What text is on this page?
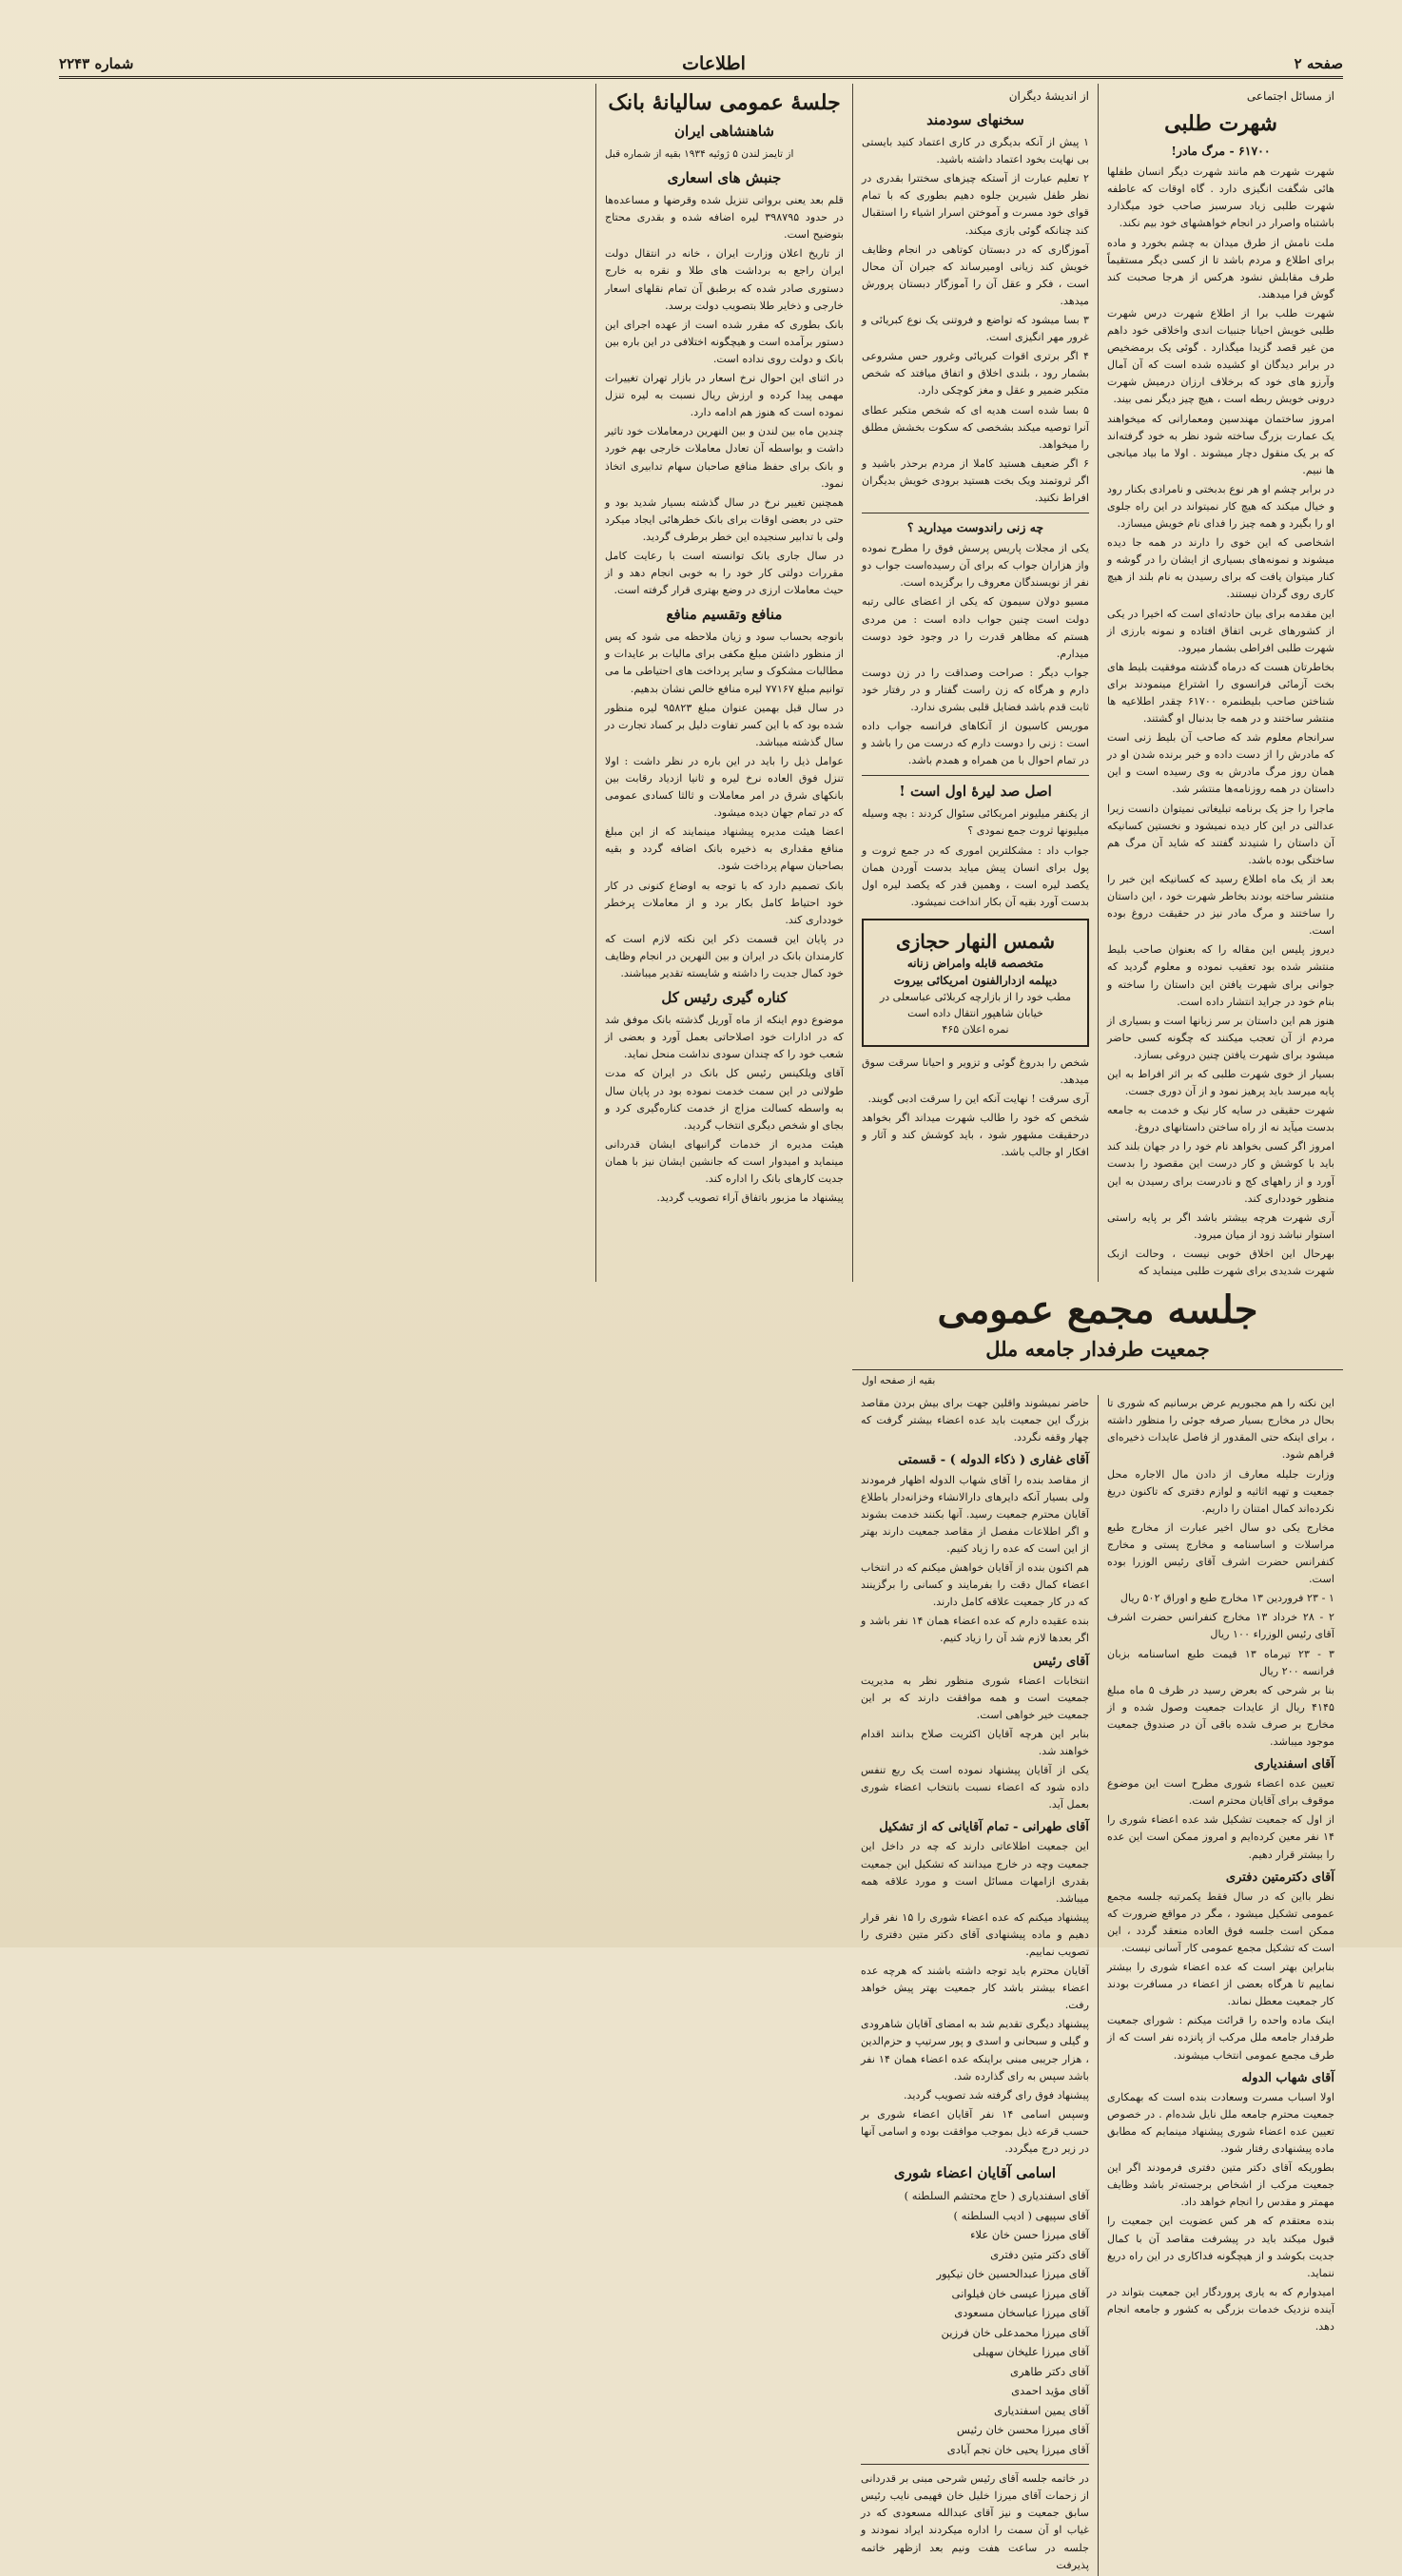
صفحه ۲
اطلاعات
شماره ۲۲۴۳
از مسائل اجتماعی
شهرت طلبی
۶۱۷۰۰ - مرگ مادر!

شهرت شهرت هم مانند شهرت دیگر انسان طفلها هائی شگفت انگیزی دارد . گاه اوقات که عاطفه شهرت طلبی زیاد سرسبز صاحب خود میگذارد باشتباه واصرار در انجام خواهشهای خود بیم نکند.

ملت نامش از طرق میدان به چشم بخورد و ماده برای اطلاع و مردم باشد تا از کسی دیگر مستقیماً طرف مقابلش نشود هرکس از هرجا صحبت کند گوش فرا میدهند.

شهرت طلب برا از اطلاع شهرت درس شهرت طلبی خویش احیانا جنبیات اندی واخلاقی خود داهم من غیر قصد گزیدا میگذارد . گوئی یک برمضخیص در برابر دیدگان او کشیده شده است که آن آمال وآرزو های خود که برخلاف ارزان درمیش شهرت درونی خویش ربطه است ، هیچ چیز دیگر نمی بیند.

امروز ساختمان مهندسین ومعمارانی که میخواهند یک عمارت بزرگ ساخته شود نظر به خود گرفته‌اند که بر یک منقول دچار میشوند . اولا ما بیاد میانجی ها نبیم.

در برابر چشم او هر نوع بدبختی و نامرادی بکنار رود و خیال میکند که هیچ کار نمیتواند در این راه جلوی او را بگیرد و همه چیز را فدای نام خویش میسازد.

اشخاصی که این خوی را دارند در همه جا دیده میشوند و نمونه‌های بسیاری از ایشان را در گوشه و کنار میتوان یافت که برای رسیدن به نام بلند از هیچ کاری روی گردان نیستند.

این مقدمه برای بیان حادثه‌ای است که اخیرا در یکی از کشورهای غربی اتفاق افتاده و نمونه بارزی از شهرت طلبی افراطی بشمار میرود.

بخاطرتان هست که درماه گذشته موفقیت بلیط های بخت آزمائی فرانسوی را اشتراع مینمودند برای شناختن صاحب بلیطنمره ۶۱۷۰۰ چقدر اطلاعیه ها منتشر ساختند و در همه جا بدنبال او گشتند.

سرانجام معلوم شد که صاحب آن بلیط زنی است که مادرش را از دست داده و خبر برنده شدن او در همان روز مرگ مادرش به وی رسیده است و این داستان در همه روزنامه‌ها منتشر شد.

ماجرا را جز یک برنامه تبلیغاتی نمیتوان دانست زیرا عدالتی در این کار دیده نمیشود و نخستین کسانیکه آن داستان را شنیدند گفتند که شاید آن مرگ هم ساختگی بوده باشد.

بعد از یک ماه اطلاع رسید که کسانیکه این خبر را منتشر ساخته بودند بخاطر شهرت خود ، این داستان را ساختند و مرگ مادر نیز در حقیقت دروغ بوده است.

دیروز پلیس این مقاله را که بعنوان صاحب بلیط منتشر شده بود تعقیب نموده و معلوم گردید که جوانی برای شهرت یافتن این داستان را ساخته و بنام خود در جراید انتشار داده است.

هنوز هم این داستان بر سر زبانها است و بسیاری از مردم از آن تعجب میکنند که چگونه کسی حاضر میشود برای شهرت یافتن چنین دروغی بسازد.

بسیار از خوی شهرت طلبی که بر اثر افراط به این پایه میرسد باید پرهیز نمود و از آن دوری جست.

شهرت حقیقی در سایه کار نیک و خدمت به جامعه بدست میآید نه از راه ساختن داستانهای دروغ.

امروز اگر کسی بخواهد نام خود را در جهان بلند کند باید با کوشش و کار درست این مقصود را بدست آورد و از راههای کج و نادرست برای رسیدن به این منظور خودداری کند.

آری شهرت هرچه بیشتر باشد اگر بر پایه راستی استوار نباشد زود از میان میرود.

بهرحال این اخلاق خوبی نیست ، وحالت ازبک شهرت شدیدی برای شهرت طلبی مینماید که

از اندیشهٔ دیگران
سخنهای سودمند

۱ پیش از آنکه بدیگری در کاری اعتماد کنید بایستی بی نهایت بخود اعتماد داشته باشید.

۲ تعلیم عبارت از آستکه چیزهای سختترا بقدری در نظر طفل شیرین جلوه دهیم بطوری که با تمام قوای خود مسرت و آموختن اسرار اشیاء را استقبال کند چنانکه گوئی بازی میکند.

آموزگاری که در دبستان کوتاهی در انجام وظایف خویش کند زیانی اومیرساند که جبران آن محال است ، فکر و عقل آن را آموزگار دبستان پرورش میدهد.

۳ بسا میشود که تواضع و فروتنی یک نوع کبریائی و غرور مهر انگیزی است.

۴ اگر برتری اقوات کبریائی وغرور حس مشروعی بشمار رود ، بلندی اخلاق و اتفاق میافتد که شخص متکبر ضمیر و عقل و مغز کوچکی دارد.

۵ بسا شده است هدیه ای که شخص متکبر عطای آنرا توصیه میکند بشخصی که سکوت بخشش مطلق را میخواهد.

۶ اگر ضعیف هستید کاملا از مردم برحذر باشید و اگر ثروتمند ویک بخت هستید برودی خویش بدیگران افراط نکنید.

چه زنی راندوست میدارید ؟

یکی از مجلات پاریس پرسش فوق را مطرح نموده واز هزاران جواب که برای آن رسیده‌است جواب دو نفر از نویسندگان معروف را برگزیده است.

مسیو دولان سیمون که یکی از اعضای عالی رتبه دولت است چنین جواب داده است : من مردی هستم که مظاهر قدرت را در وجود خود دوست میدارم.

جواب دیگر : صراحت وصداقت را در زن دوست دارم و هرگاه که زن راست گفتار و در رفتار خود ثابت قدم باشد فضایل قلبی بشری ندارد.

موریس کاسیون از آنکاهای فرانسه جواب داده است : زنی را دوست دارم که درست من را باشد و در تمام احوال با من همراه و همدم باشد.

اصل صد لیرهٔ اول است !

از یکنفر میلیونر امریکائی سئوال کردند : بچه وسیله میلیونها ثروت جمع نمودی ؟

جواب داد : مشکلترین اموری که در جمع ثروت و پول برای انسان پیش میاید بدست آوردن همان یکصد لیره است ، وهمین قدر که یکصد لیره اول بدست آورد بقیه آن بکار انداخت نمیشود.

شمس النهار حجازی
متخصصه قابله وامراض زنانه
دیپلمه ازدارالفنون امریکائی بیروت
مطب خود را از بازارچه کربلائی عباسعلی در خیابان شاهپور انتقال داده است
نمره اعلان ۴۶۵

شخص را بدروغ گوئی و تزویر و احیانا سرقت سوق میدهد.

آری سرقت ! نهایت آنکه این را سرقت ادبی گویند.

شخص که خود را طالب شهرت میداند اگر بخواهد درحقیقت مشهور شود ، باید کوشش کند و آثار و افکار او جالب باشد.

جلسهٔ عمومی سالیانهٔ بانک
شاهنشاهی ایران
از تایمز لندن ۵ ژوئیه ۱۹۳۴ بقیه از شماره قبل
جنبش های اسعاری

قلم بعد یعنی برواتی تنزیل شده وقرضها و مساعده‌ها در حدود ۳۹۸۷۹۵ لیره اضافه شده و بقدری محتاج بتوضیح است.

از تاریخ اعلان وزارت ایران ، خانه در انتقال دولت ایران راجع به برداشت های طلا و نقره به خارج دستوری صادر شده که برطبق آن تمام نقلهای اسعار خارجی و ذخایر طلا بتصویب دولت برسد.

بانک بطوری که مقرر شده است از عهده اجرای این دستور برآمده است و هیچگونه اختلافی در این باره بین بانک و دولت روی نداده است.

در اثنای این احوال نرخ اسعار در بازار تهران تغییرات مهمی پیدا کرده و ارزش ریال نسبت به لیره تنزل نموده است که هنوز هم ادامه دارد.

چندین ماه بین لندن و بین النهرین درمعاملات خود تاثیر داشت و بواسطه آن تعادل معاملات خارجی بهم خورد و بانک برای حفظ منافع صاحبان سهام تدابیری اتخاذ نمود.

همچنین تغییر نرخ در سال گذشته بسیار شدید بود و حتی در بعضی اوقات برای بانک خطرهائی ایجاد میکرد ولی با تدابیر سنجیده این خطر برطرف گردید.

در سال جاری بانک توانسته است با رعایت کامل مقررات دولتی کار خود را به خوبی انجام دهد و از حیث معاملات ارزی در وضع بهتری قرار گرفته است.

منافع وتقسیم منافع

بانوجه بحساب سود و زیان ملاحظه می شود که پس از منظور داشتن مبلغ مکفی برای مالیات بر عایدات و مطالبات مشکوک و سایر پرداخت های احتیاطی ما می توانیم مبلغ ۷۷۱۶۷ لیره منافع خالص نشان بدهیم.

در سال قبل بهمین عنوان مبلغ ۹۵۸۲۳ لیره منظور شده بود که با این کسر تفاوت دلیل بر کساد تجارت در سال گذشته میباشد.

عوامل ذیل را باید در این باره در نظر داشت : اولا تنزل فوق العاده نرخ لیره و ثانیا ازدیاد رقابت بین بانکهای شرق در امر معاملات و ثالثا کسادی عمومی که در تمام جهان دیده میشود.

اعضا هیئت مدیره پیشنهاد مینمایند که از این مبلغ منافع مقداری به ذخیره بانک اضافه گردد و بقیه بصاحبان سهام پرداخت شود.

بانک تصمیم دارد که با توجه به اوضاع کنونی در کار خود احتیاط کامل بکار برد و از معاملات پرخطر خودداری کند.

در پایان این قسمت ذکر این نکته لازم است که کارمندان بانک در ایران و بین النهرین در انجام وظایف خود کمال جدیت را داشته و شایسته تقدیر میباشند.

کناره گیری رئیس کل

موضوع دوم اینکه از ماه آوریل گذشته بانک موفق شد که در ادارات خود اصلاحاتی بعمل آورد و بعضی از شعب خود را که چندان سودی نداشت منحل نماید.

آقای ویلکینس رئیس کل بانک در ایران که مدت طولانی در این سمت خدمت نموده بود در پایان سال به واسطه کسالت مزاج از خدمت کناره‌گیری کرد و بجای او شخص دیگری انتخاب گردید.

هیئت مدیره از خدمات گرانبهای ایشان قدردانی مینماید و امیدوار است که جانشین ایشان نیز با همان جدیت کارهای بانک را اداره کند.

پیشنهاد ما مزبور باتفاق آراء تصویب گردید.

جلسه مجمع عمومی
جمعیت طرفدار جامعه ملل
بقیه از صفحه اول

این نکته را هم مجبوریم عرض برسانیم که شوری تا بحال در مخارج بسیار صرفه جوئی را منظور داشته ، برای اینکه حتی المقدور از فاصل عایدات ذخیره‌ای فراهم شود.

وزارت جلیله معارف از دادن مال الاجاره محل جمعیت و تهیه اثاثیه و لوازم دفتری که تاکنون دریغ نکرده‌اند کمال امتنان را داریم.

مخارج یکی دو سال اخیر عبارت از مخارج طبع مراسلات و اساسنامه و مخارج پستی و مخارج کنفرانس حضرت اشرف آقای رئیس الوزرا بوده است.

۱ - ۲۳ فروردین ۱۳ مخارج طبع و اوراق ۵۰۲ ریال

۲ - ۲۸ خرداد ۱۳ مخارج کنفرانس حضرت اشرف آقای رئیس الوزراء ۱۰۰ ریال

۳ - ۲۳ تیرماه ۱۳ قیمت طبع اساسنامه بزبان فرانسه ۲۰۰ ریال

بنا بر شرحی که بعرض رسید در ظرف ۵ ماه مبلغ ۴۱۴۵ ریال از عایدات جمعیت وصول شده و از مخارج بر صرف شده باقی آن در صندوق جمعیت موجود میباشد.

آقای اسفندیاری

تعیین عده اعضاء شوری مطرح است این موضوع موقوف برای آقایان محترم است.

از اول که جمعیت تشکیل شد عده اعضاء شوری را ۱۴ نفر معین کرده‌ایم و امروز ممکن است این عده را بیشتر قرار دهیم.

آقای دکترمتین دفتری

نظر بااین که در سال فقط یکمرتبه جلسه مجمع عمومی تشکیل میشود ، مگر در مواقع ضرورت که ممکن است جلسه فوق العاده منعقد گردد ، این است که تشکیل مجمع عمومی کار آسانی نیست.

بنابراین بهتر است که عده اعضاء شوری را بیشتر نماییم تا هرگاه بعضی از اعضاء در مسافرت بودند کار جمعیت معطل نماند.

اینک ماده واحده را قرائت میکنم : شورای جمعیت طرفدار جامعه ملل مرکب از پانزده نفر است که از طرف مجمع عمومی انتخاب میشوند.

آقای شهاب الدوله

اولا اسباب مسرت وسعادت بنده است که بهمکاری جمعیت محترم جامعه ملل نایل شده‌ام . در خصوص تعیین عده اعضاء شوری پیشنهاد مینمایم که مطابق ماده پیشنهادی رفتار شود.

بطوریکه آقای دکتر متین دفتری فرمودند اگر این جمعیت مرکب از اشخاص برجسته‌تر باشد وظایف مهمتر و مقدس را انجام خواهد داد.

بنده معتقدم که هر کس عضویت این جمعیت را قبول میکند باید در پیشرفت مقاصد آن با کمال جدیت بکوشد و از هیچگونه فداکاری در این راه دریغ ننماید.

امیدوارم که به یاری پروردگار این جمعیت بتواند در آینده نزدیک خدمات بزرگی به کشور و جامعه انجام دهد.

حاضر نمیشوند واقلین جهت برای بیش بردن مقاصد بزرگ این جمعیت باید عده اعضاء بیشتر گرفت که چهار وقفه نگردد.

آقای غفاری ( ذکاء الدوله ) - قسمتی

از مقاصد بنده را آقای شهاب الدوله اظهار فرمودند ولی بسیار آنکه دایرهای دارالانشاء وخزانه‌دار باطلاع آقایان محترم جمعیت رسید. آنها بکنند خدمت بشوند و اگر اطلاعات مفصل از مقاصد جمعیت دارند بهتر از این است که عده را زیاد کنیم.

هم اکنون بنده از آقایان خواهش میکنم که در انتخاب اعضاء کمال دقت را بفرمایند و کسانی را برگزینند که در کار جمعیت علاقه کامل دارند.

بنده عقیده دارم که عده اعضاء همان ۱۴ نفر باشد و اگر بعدها لازم شد آن را زیاد کنیم.

آقای رئیس

انتخابات اعضاء شوری منظور نظر به مدیریت جمعیت است و همه موافقت دارند که بر این جمعیت خیر خواهی است.

بنابر این هرچه آقایان اکثریت صلاح بدانند اقدام خواهند شد.

یکی از آقایان پیشنهاد نموده است یک ربع تنفس داده شود که اعضاء نسبت بانتخاب اعضاء شوری بعمل آید.

آقای طهرانی - تمام آقایانی که از تشکیل

این جمعیت اطلاعاتی دارند که چه در داخل این جمعیت وچه در خارج میدانند که تشکیل این جمعیت بقدری ازامهات مسائل است و مورد علاقه همه میباشد.

پیشنهاد میکنم که عده اعضاء شوری را ۱۵ نفر قرار دهیم و ماده پیشنهادی آقای دکتر متین دفتری را تصویب نماییم.

آقایان محترم باید توجه داشته باشند که هرچه عده اعضاء بیشتر باشد کار جمعیت بهتر پیش خواهد رفت.

پیشنهاد دیگری تقدیم شد به امضای آقایان شاهرودی و گیلی و سبحانی و اسدی و پور سرتیپ و حزم‌الدین ، هزار جریبی مبنی براینکه عده اعضاء همان ۱۴ نفر باشد سپس به رای گذارده شد.

پیشنهاد فوق رای گرفته شد تصویب گردید.

وسپس اسامی ۱۴ نفر آقایان اعضاء شوری بر حسب قرعه ذیل بموجب موافقت بوده و اسامی آنها در زیر درج میگردد.

اسامی آقایان اعضاء شوری

آقای اسفندیاری ( حاج محتشم السلطنه )

آقای سپیهی ( ادیب السلطنه )

آقای میرزا حسن خان علاء

آقای دکتر متین دفتری

آقای میرزا عبدالحسین خان نیکپور

آقای میرزا عیسی خان فیلوانی

آقای میرزا عباسخان مسعودی

آقای میرزا محمدعلی خان فرزین

آقای میرزا علیخان سهیلی

آقای دکتر طاهری

آقای مؤید احمدی

آقای یمین اسفندیاری

آقای میرزا محسن خان رئیس

آقای میرزا یحیی خان نجم آبادی

در خاتمه جلسه آقای رئیس شرحی مبنی بر قدردانی از زحمات آقای میرزا خلیل خان فهیمی نایب رئیس سابق جمعیت و نیز آقای عبدالله مسعودی که در غیاب او آن سمت را اداره میکردند ایراد نمودند و جلسه در ساعت هفت ونیم بعد ازظهر خاتمه پذیرفت
